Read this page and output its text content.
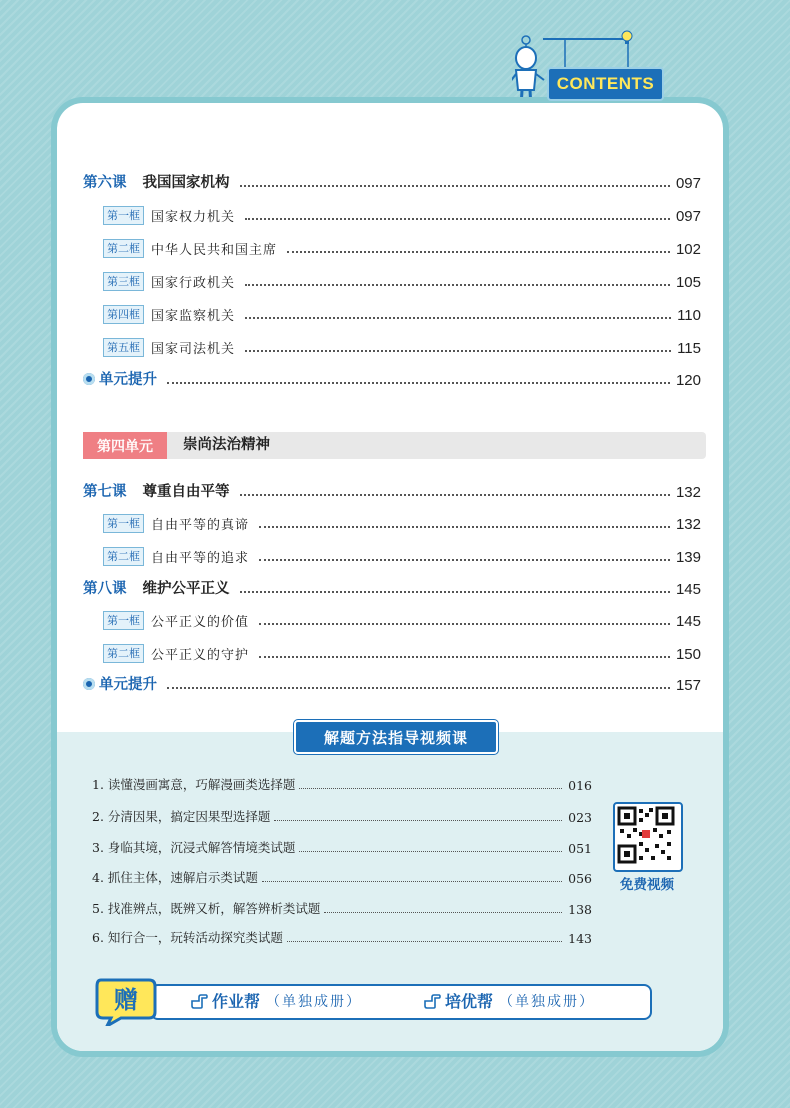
CONTENTS
第六课 我国国家机构	097
第一框 国家权力机关	097
第二框 中华人民共和国主席	102
第三框 国家行政机关	105
第四框 国家监察机关	110
第五框 国家司法机关	115
单元提升	120
第四单元	崇尚法治精神
第七课 尊重自由平等	132
第一框 自由平等的真谛	132
第二框 自由平等的追求	139
第八课 维护公平正义	145
第一框 公平正义的价值	145
第二框 公平正义的守护	150
单元提升	157
解题方法指导视频课
1. 读懂漫画寓意，巧解漫画类选择题	016
2. 分清因果，搞定因果型选择题	023
3. 身临其境，沉浸式解答情境类试题	051
4. 抓住主体，速解启示类试题	056
5. 找准辨点，既辨又析，解答辨析类试题	138
6. 知行合一，玩转活动探究类试题	143
免费视频
赠	作业帮 （单独成册）	培优帮 （单独成册）
